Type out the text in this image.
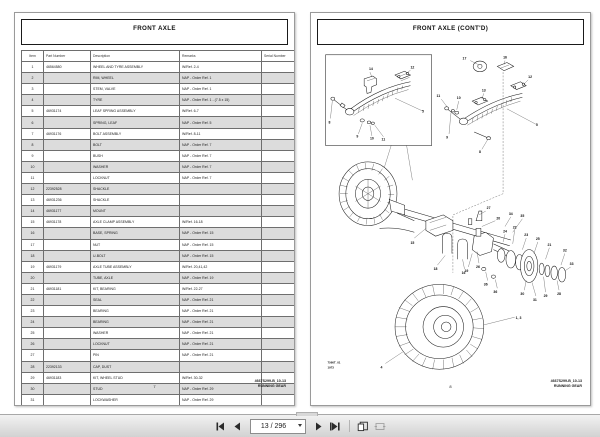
FRONT AXLE
Item	Part Number	Description	Remarks	Serial Number	
1	46564580	WHEEL AND TYRE ASSEMBLY	W/Ref. 2-4		
2		RIM, WHEEL	NAP - Order Ref. 1		
3		STEM, VALVE	NAP - Order Ref. 1		
4		TYRE	NAP - Order Ref. 1 - (7.5 x 15)		
5	46931174	LEAF SPRING ASSEMBLY	W/Ref. 6-7		
6		SPRING, LEAF	NAP - Order Ref. 5		
7	46931176	BOLT ASSEMBLY	W/Ref. 8-11		
8		BOLT	NAP - Order Ref. 7		
9		BUSH	NAP - Order Ref. 7		
10		WASHER	NAP - Order Ref. 7		
11		LOCKNUT	NAP - Order Ref. 7		
12	22392528	SHACKLE			
13	46931236	SHACKLE			
14	46931177	MOUNT			
15	46931178	AXLE CLAMP ASSEMBLY	W/Ref. 16-18		
16		BASE, SPRING	NAP - Order Ref. 15		
17		NUT	NAP - Order Ref. 15		
18		U-BOLT	NAP - Order Ref. 15		
19	46931179	AXLE TUBE ASSEMBLY	W/Ref. 20,41,42		
20		TUBE, AXLE	NAP - Order Ref. 19		
21	46931181	KIT, BEARING	W/Ref. 22-27		
22		SEAL	NAP - Order Ref. 21		
23		BEARING	NAP - Order Ref. 21		
24		BEARING	NAP - Order Ref. 21		
25		WASHER	NAP - Order Ref. 21		
26		LOCKNUT	NAP - Order Ref. 21		
27		PIN	NAP - Order Ref. 21		
28	22392133	CAP, DUST			
29	46931183	KIT, WHEEL STUD	W/Ref. 30-32		
30		STUD	NAP - Order Ref. 29		
31		LOCKWASHER	NAP - Order Ref. 29		
4667S299-B_10-13
RUNNING GEAR
7
FRONT AXLE (CONT'D)
14	12
5
8
9	10 11
17	16
11	10
13
12
5
9
8
15
18
16
27
20
19
26
34 35
24
22
23
25
21
32
33
30
31
29	28
36
36
1, 3
4
7566T_01
1973
4667S299-B_10-13
RUNNING GEAR
8
13 / 296
